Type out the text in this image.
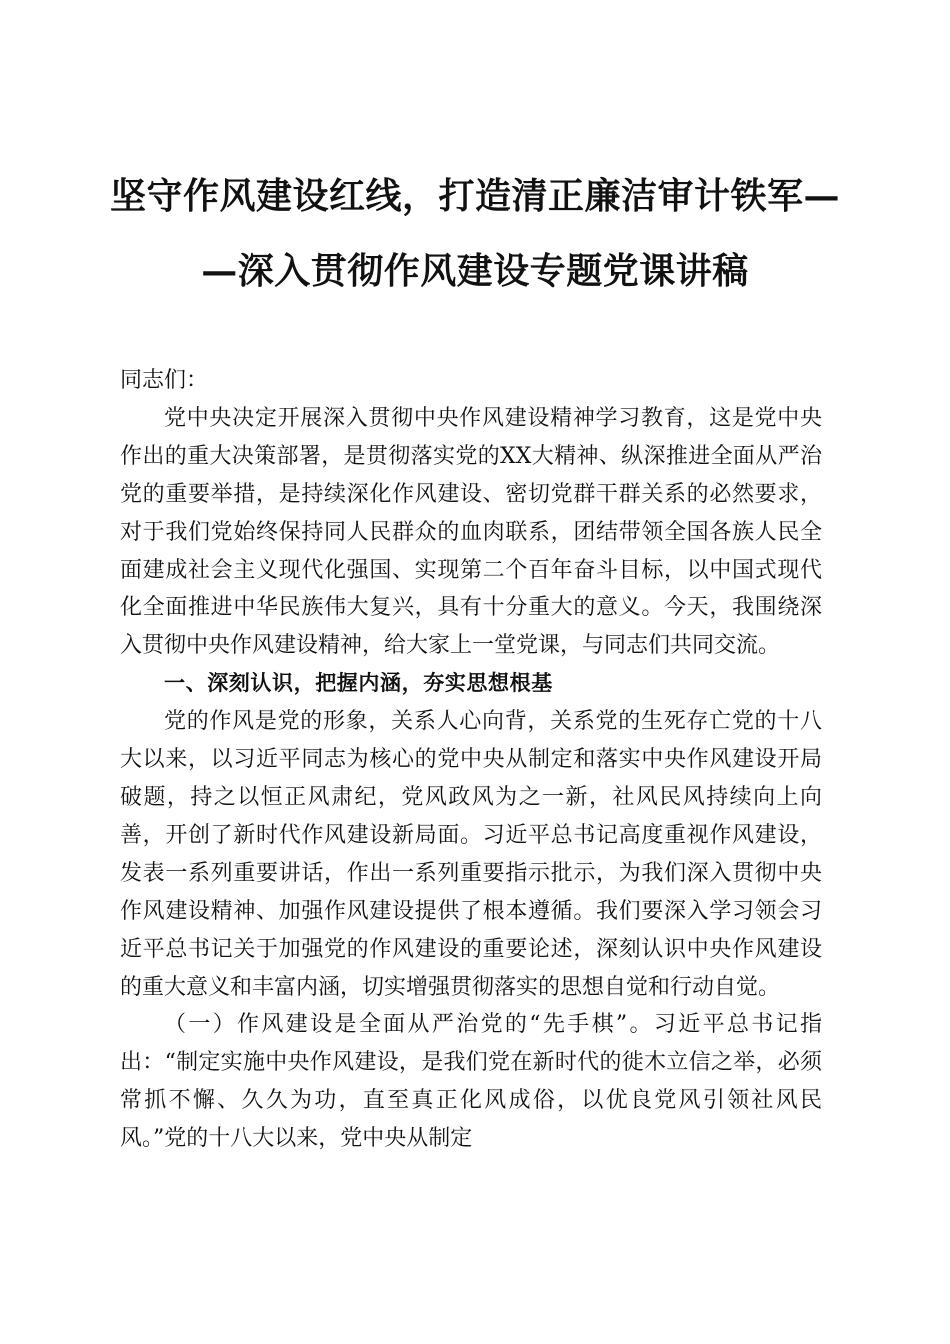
坚守作风建设红线，打造清正廉洁审计铁军—
—深入贯彻作风建设专题党课讲稿

同志们：

党中央决定开展深入贯彻中央作风建设精神学习教育，这是党中央作出的重大决策部署，是贯彻落实党的XX大精神、纵深推进全面从严治党的重要举措，是持续深化作风建设、密切党群干群关系的必然要求，对于我们党始终保持同人民群众的血肉联系，团结带领全国各族人民全面建成社会主义现代化强国、实现第二个百年奋斗目标，以中国式现代化全面推进中华民族伟大复兴，具有十分重大的意义。今天，我围绕深入贯彻中央作风建设精神，给大家上一堂党课，与同志们共同交流。

一、深刻认识，把握内涵，夯实思想根基

党的作风是党的形象，关系人心向背，关系党的生死存亡党的十八大以来，以习近平同志为核心的党中央从制定和落实中央作风建设开局破题，持之以恒正风肃纪，党风政风为之一新，社风民风持续向上向善，开创了新时代作风建设新局面。习近平总书记高度重视作风建设，发表一系列重要讲话，作出一系列重要指示批示，为我们深入贯彻中央作风建设精神、加强作风建设提供了根本遵循。我们要深入学习领会习近平总书记关于加强党的作风建设的重要论述，深刻认识中央作风建设的重大意义和丰富内涵，切实增强贯彻落实的思想自觉和行动自觉。

（一）作风建设是全面从严治党的“先手棋”。习近平总书记指出：“制定实施中央作风建设，是我们党在新时代的徙木立信之举，必须常抓不懈、久久为功，直至真正化风成俗，以优良党风引领社风民风。”党的十八大以来，党中央从制定
